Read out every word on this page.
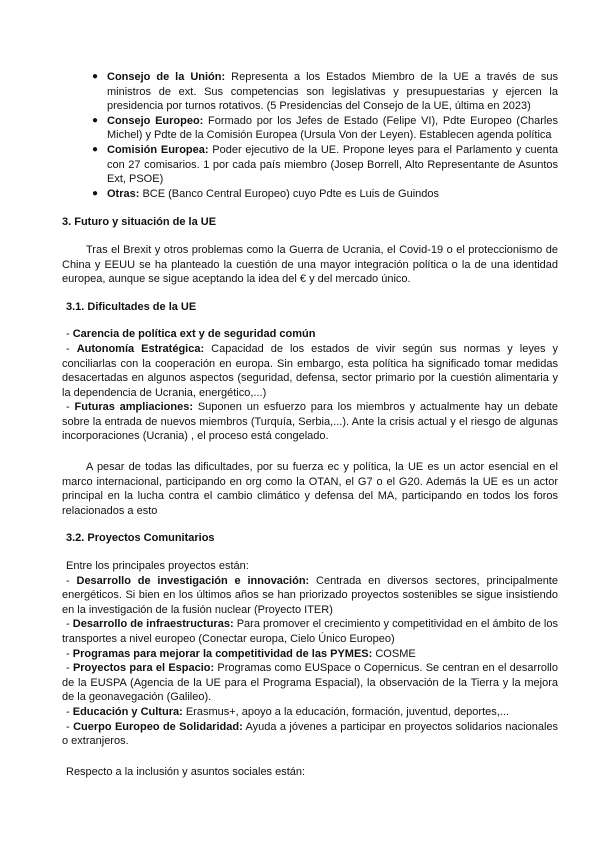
● Consejo de la Unión: Representa a los Estados Miembro de la UE a través de sus ministros de ext. Sus competencias son legislativas y presupuestarias y ejercen la presidencia por turnos rotativos. (5 Presidencias del Consejo de la UE, última en 2023)
● Consejo Europeo: Formado por los Jefes de Estado (Felipe VI), Pdte Europeo (Charles Michel) y Pdte de la Comisión Europea (Ursula Von der Leyen). Establecen agenda política
● Comisión Europea: Poder ejecutivo de la UE. Propone leyes para el Parlamento y cuenta con 27 comisarios. 1 por cada país miembro (Josep Borrell, Alto Representante de Asuntos Ext, PSOE)
● Otras: BCE (Banco Central Europeo) cuyo Pdte es Luis de Guindos

3. Futuro y situación de la UE

Tras el Brexit y otros problemas como la Guerra de Ucrania, el Covid-19 o el proteccionismo de China y EEUU se ha planteado la cuestión de una mayor integración política o la de una identidad europea, aunque se sigue aceptando la idea del € y del mercado único.

3.1. Dificultades de la UE

- Carencia de política ext y de seguridad común

- Autonomía Estratégica: Capacidad de los estados de vivir según sus normas y leyes y conciliarlas con la cooperación en europa. Sin embargo, esta política ha significado tomar medidas desacertadas en algunos aspectos (seguridad, defensa, sector primario por la cuestión alimentaria y la dependencia de Ucrania, energético,...)

- Futuras ampliaciones: Suponen un esfuerzo para los miembros y actualmente hay un debate sobre la entrada de nuevos miembros (Turquía, Serbia,...). Ante la crisis actual y el riesgo de algunas incorporaciones (Ucrania) , el proceso está congelado.

A pesar de todas las dificultades, por su fuerza ec y política, la UE es un actor esencial en el marco internacional, participando en org como la OTAN, el G7 o el G20. Además la UE es un actor principal en la lucha contra el cambio climático y defensa del MA, participando en todos los foros relacionados a esto

3.2. Proyectos Comunitarios

Entre los principales proyectos están:

- Desarrollo de investigación e innovación: Centrada en diversos sectores, principalmente energéticos. Si bien en los últimos años se han priorizado proyectos sostenibles se sigue insistiendo en la investigación de la fusión nuclear (Proyecto ITER)

- Desarrollo de infraestructuras: Para promover el crecimiento y competitividad en el ámbito de los transportes a nivel europeo (Conectar europa, Cielo Único Europeo)

- Programas para mejorar la competitividad de las PYMES: COSME

- Proyectos para el Espacio: Programas como EUSpace o Copernicus. Se centran en el desarrollo de la EUSPA (Agencia de la UE para el Programa Espacial), la observación de la Tierra y la mejora de la geonavegación (Galileo).

- Educación y Cultura: Erasmus+, apoyo a la educación, formación, juventud, deportes,...

- Cuerpo Europeo de Solidaridad: Ayuda a jóvenes a participar en proyectos solidarios nacionales o extranjeros.

Respecto a la inclusión y asuntos sociales están:
